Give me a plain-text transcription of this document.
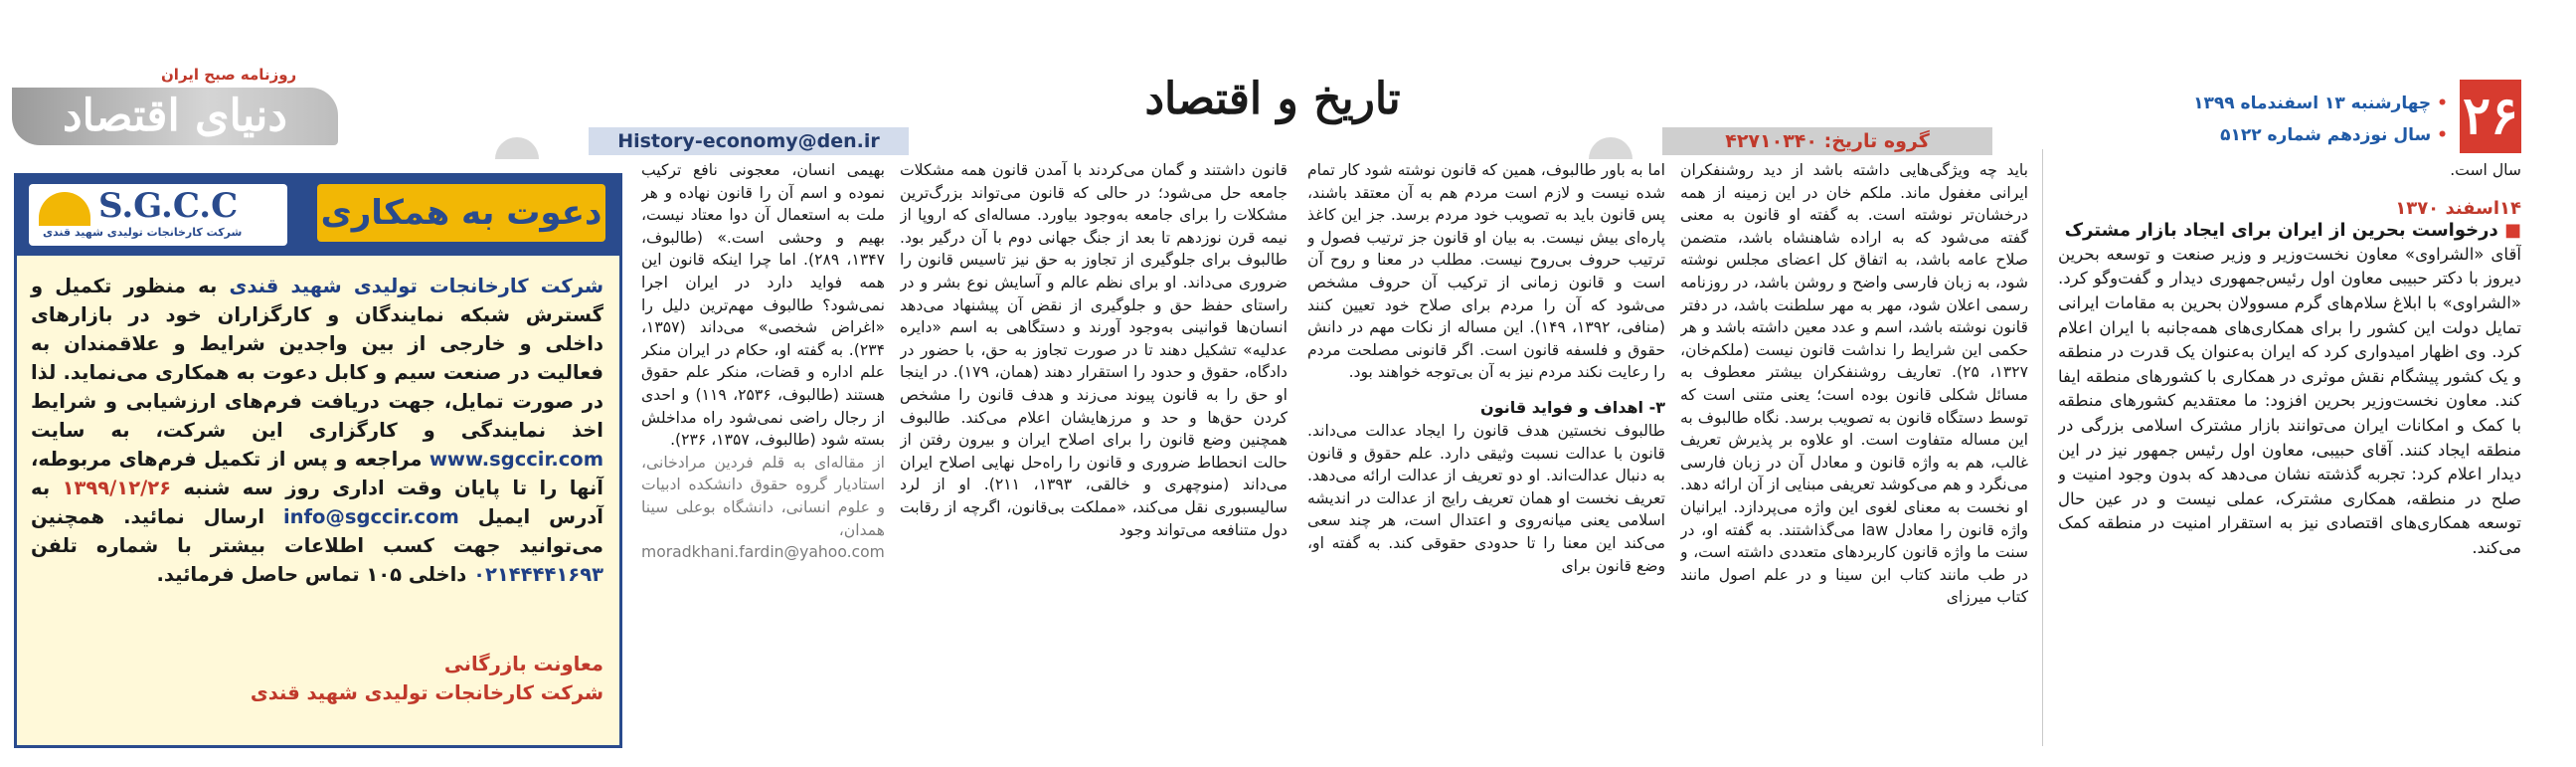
روزنامه صبح ایران
دنیای اقتصاد	تاریخ و اقتصاد
History-economy@den.ir	گروه تاریخ: ۴۲۷۱۰۳۴۰	۲۶
• چهارشنبه ۱۳ اسفندماه ۱۳۹۹
• سال نوزدهم شماره ۵۱۲۲

سال است.

۱۴اسفند ۱۳۷۰

■ درخواست بحرین از ایران برای ایجاد بازار مشترک

آقای «الشراوی» معاون نخست‌وزیر و وزیر صنعت و توسعه بحرین دیروز با دکتر حبیبی معاون اول رئیس‌جمهوری دیدار و گفت‌وگو کرد. «الشراوی» با ابلاغ سلام‌های گرم مسوولان بحرین به مقامات ایرانی تمایل دولت این کشور را برای همکاری‌های همه‌جانبه با ایران اعلام کرد. وی اظهار امیدواری کرد که ایران به‌عنوان یک قدرت در منطقه و یک کشور پیشگام نقش موثری در همکاری با کشورهای منطقه ایفا کند. معاون نخست‌وزیر بحرین افزود: ما معتقدیم کشورهای منطقه با کمک و امکانات ایران می‌توانند بازار مشترک اسلامی بزرگی در منطقه ایجاد کنند. آقای حبیبی، معاون اول رئیس جمهور نیز در این دیدار اعلام کرد: تجربه گذشته نشان می‌دهد که بدون وجود امنیت و صلح در منطقه، همکاری مشترک، عملی نیست و در عین حال توسعه همکاری‌های اقتصادی نیز به استقرار امنیت در منطقه کمک می‌کند.

باید چه ویژگی‌هایی داشته باشد از دید روشنفکران ایرانی مغفول ماند. ملکم خان در این زمینه از همه درخشان‌تر نوشته است. به گفته او قانون به معنی گفته می‌شود که به اراده شاهنشاه باشد، متضمن صلاح عامه باشد، به اتفاق کل اعضای مجلس نوشته شود، به زبان فارسی واضح و روشن باشد، در روزنامه رسمی اعلان شود، مهر به مهر سلطنت باشد، در دفتر قانون نوشته باشد، اسم و عدد معین داشته باشد و هر حکمی این شرایط را نداشت قانون نیست (ملکم‌خان، ۱۳۲۷، ۲۵). تعاریف روشنفکران بیشتر معطوف به مسائل شکلی قانون بوده است؛ یعنی متنی است که توسط دستگاه قانون به تصویب برسد. نگاه طالبوف به این مساله متفاوت است. او علاوه بر پذیرش تعریف غالب، هم به واژه قانون و معادل آن در زبان فارسی می‌نگرد و هم می‌کوشد تعریفی مبنایی از آن ارائه دهد. او نخست به معنای لغوی این واژه می‌پردازد. ایرانیان واژه قانون را معادل law می‌گذاشتند. به گفته او، در سنت ما واژه قانون کاربردهای متعددی داشته است، و در طب مانند کتاب ابن سینا و در علم اصول مانند کتاب میرزای

اما به باور طالبوف، همین که قانون نوشته شود کار تمام شده نیست و لازم است مردم هم به آن معتقد باشند، پس قانون باید به تصویب خود مردم برسد. جز این کاغذ پاره‌ای بیش نیست. به بیان او قانون جز ترتیب فصول و ترتیب حروف بی‌روح نیست. مطلب در معنا و روح آن است و قانون زمانی از ترکیب آن حروف مشخص می‌شود که آن را مردم برای صلاح خود تعیین کنند (منافی، ۱۳۹۲، ۱۴۹). این مساله از نکات مهم در دانش حقوق و فلسفه قانون است. اگر قانونی مصلحت مردم را رعایت نکند مردم نیز به آن بی‌توجه خواهند بود.

۳- اهداف و فواید قانون

طالبوف نخستین هدف قانون را ایجاد عدالت می‌داند. قانون با عدالت نسبت وثیقی دارد. علم حقوق و قانون به دنبال عدالت‌اند. او دو تعریف از عدالت ارائه می‌دهد. تعریف نخست او همان تعریف رایج از عدالت در اندیشه اسلامی یعنی میانه‌روی و اعتدال است، هر چند سعی می‌کند این معنا را تا حدودی حقوقی کند. به گفته او، وضع قانون برای

قانون داشتند و گمان می‌کردند با آمدن قانون همه مشکلات جامعه حل می‌شود؛ در حالی که قانون می‌تواند بزرگ‌ترین مشکلات را برای جامعه به‌وجود بیاورد. مساله‌ای که اروپا از نیمه قرن نوزدهم تا بعد از جنگ جهانی دوم با آن درگیر بود. طالبوف برای جلوگیری از تجاوز به حق نیز تاسیس قانون را ضروری می‌داند. او برای نظم عالم و آسایش نوع بشر و در راستای حفظ حق و جلوگیری از نقض آن پیشنهاد می‌دهد انسان‌ها قوانینی به‌وجود آورند و دستگاهی به اسم «دایره عدلیه» تشکیل دهند تا در صورت تجاوز به حق، با حضور در دادگاه، حقوق و حدود را استقرار دهند (همان، ۱۷۹). در اینجا او حق را به قانون پیوند می‌زند و هدف قانون را مشخص کردن حق‌ها و حد و مرزهایشان اعلام می‌کند. طالبوف همچنین وضع قانون را برای اصلاح ایران و بیرون رفتن از حالت انحطاط ضروری و قانون را راه‌حل نهایی اصلاح ایران می‌داند (منوچهری و خالقی، ۱۳۹۳، ۲۱۱). او از لرد سالیسبوری نقل می‌کند، «مملکت بی‌قانون، اگرچه از رقابت دول متنافعه می‌تواند وجود

بهیمی انسان، معجونی نافع ترکیب نموده و اسم آن را قانون نهاده و هر ملت به استعمال آن دوا معتاد نیست، بهیم و وحشی است.» (طالبوف، ۱۳۴۷، ۲۸۹). اما چرا اینکه قانون این همه فواید دارد در ایران اجرا نمی‌شود؟ طالبوف مهم‌ترین دلیل را «اغراض شخصی» می‌داند (۱۳۵۷، ۲۳۴). به گفته او، حکام در ایران منکر علم اداره و قضات، منکر علم حقوق هستند (طالبوف، ۲۵۳۶، ۱۱۹) و احدی از رجال راضی نمی‌شود راه مداخلش بسته شود (طالبوف، ۱۳۵۷، ۲۳۶).

از مقاله‌ای به قلم فردین مرادخانی، استادیار گروه حقوق دانشکده ادبیات و علوم انسانی، دانشگاه بوعلی سینا همدان،

moradkhani.fardin@yahoo.com

S.G.C.C
شرکت کارخانجات تولیدی شهید قندی دعوت به همکاری
شرکت کارخانجات تولیدی شهید قندی به منظور تکمیل و گسترش شبکه نمایندگان و کارگزاران خود در بازارهای داخلی و خارجی از بین واجدین شرایط و علاقمندان به فعالیت در صنعت سیم و کابل دعوت به همکاری می‌نماید. لذا در صورت تمایل، جهت دریافت فرم‌های ارزشیابی و شرایط اخذ نمایندگی و کارگزاری این شرکت، به سایت www.sgccir.com مراجعه و پس از تکمیل فرم‌های مربوطه، آنها را تا پایان وقت اداری روز سه شنبه ۱۳۹۹/۱۲/۲۶ به آدرس ایمیل info@sgccir.com ارسال نمائید. همچنین می‌توانید جهت کسب اطلاعات بیشتر با شماره تلفن ۰۲۱۴۴۴۴۱۶۹۳ داخلی ۱۰۵ تماس حاصل فرمائید.
معاونت بازرگانی
شرکت کارخانجات تولیدی شهید قندی
